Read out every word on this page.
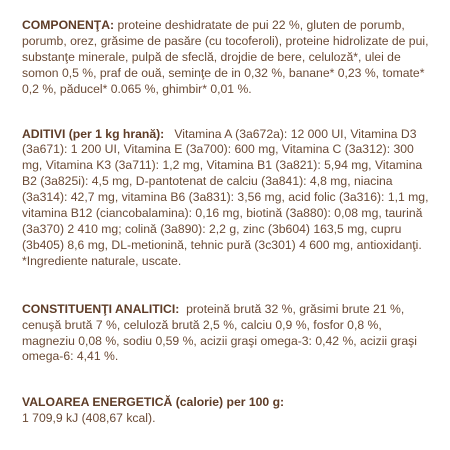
COMPONENŢA: proteine deshidratate de pui 22 %, gluten de porumb, porumb, orez, grăsime de pasăre (cu tocoferoli), proteine hidrolizate de pui, substanţe minerale, pulpă de sfeclă, drojdie de bere, celuloză*, ulei de somon 0,5 %, praf de ouă, seminţe de in 0,32 %, banane* 0,23 %, tomate* 0,2 %, păducel* 0.065 %, ghimbir* 0,01 %.

ADITIVI (per 1 kg hrană): Vitamina A (3a672a): 12 000 UI, Vitamina D3 (3a671): 1 200 UI, Vitamina E (3a700): 600 mg, Vitamina C (3a312): 300 mg, Vitamina K3 (3a711): 1,2 mg, Vitamina B1 (3a821): 5,94 mg, Vitamina B2 (3a825i): 4,5 mg, D-pantotenat de calciu (3a841): 4,8 mg, niacina (3a314): 42,7 mg, vitamina B6 (3a831): 3,56 mg, acid folic (3a316): 1,1 mg, vitamina B12 (ciancobalamina): 0,16 mg, biotină (3a880): 0,08 mg, taurină (3a370) 2 410 mg; colină (3a890): 2,2 g, zinc (3b604) 163,5 mg, cupru (3b405) 8,6 mg, DL-metionină, tehnic pură (3c301) 4 600 mg, antioxidanţi. *Ingrediente naturale, uscate.

CONSTITUENŢI ANALITICI: proteină brută 32 %, grăsimi brute 21 %, cenuşă brută 7 %, celuloză brută 2,5 %, calciu 0,9 %, fosfor 0,8 %, magneziu 0,08 %, sodiu 0,59 %, acizii graşi omega-3: 0,42 %, acizii graşi omega-6: 4,41 %.

VALOAREA ENERGETICĂ (calorie) per 100 g:

1 709,9 kJ (408,67 kcal).
